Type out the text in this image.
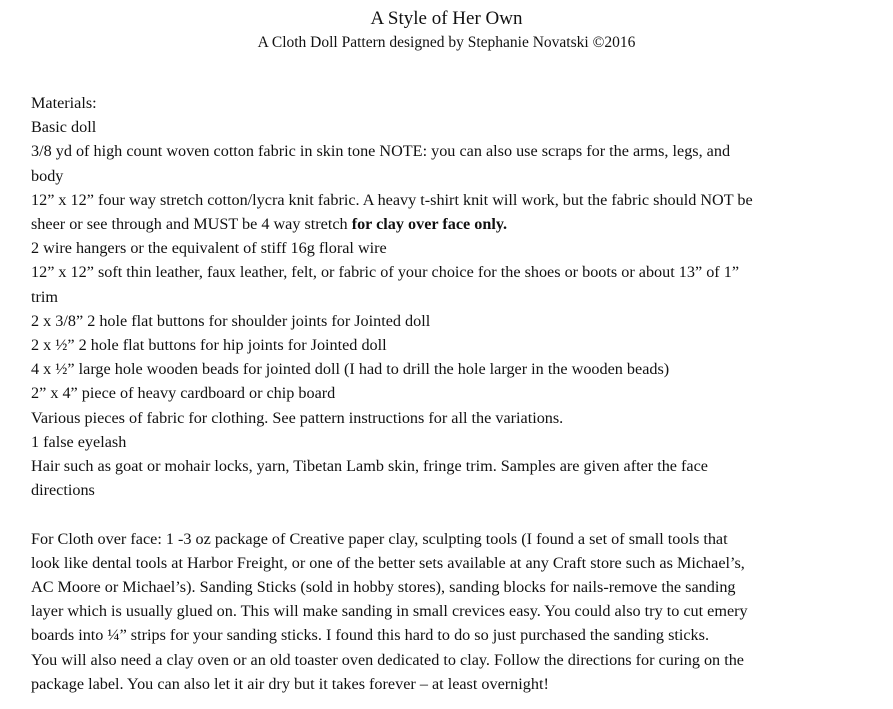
A Style of Her Own
A Cloth Doll Pattern designed by Stephanie Novatski ©2016
Materials:
Basic doll
3/8 yd of high count woven cotton fabric in skin tone NOTE: you can also use scraps for the arms, legs, and
body
12” x 12” four way stretch cotton/lycra knit fabric. A heavy t-shirt knit will work, but the fabric should NOT be
sheer or see through and MUST be 4 way stretch for clay over face only.
2 wire hangers or the equivalent of stiff 16g floral wire
12” x 12” soft thin leather, faux leather, felt, or fabric of your choice for the shoes or boots or about 13” of 1”
trim
2 x 3/8” 2 hole flat buttons for shoulder joints for Jointed doll
2 x ½” 2 hole flat buttons for hip joints for Jointed doll
4 x ½” large hole wooden beads for jointed doll (I had to drill the hole larger in the wooden beads)
2” x 4” piece of heavy cardboard or chip board
Various pieces of fabric for clothing. See pattern instructions for all the variations.
1 false eyelash
Hair such as goat or mohair locks, yarn, Tibetan Lamb skin, fringe trim. Samples are given after the face
directions
For Cloth over face: 1 -3 oz package of Creative paper clay, sculpting tools (I found a set of small tools that
look like dental tools at Harbor Freight, or one of the better sets available at any Craft store such as Michael’s,
AC Moore or Michael’s). Sanding Sticks (sold in hobby stores), sanding blocks for nails-remove the sanding
layer which is usually glued on. This will make sanding in small crevices easy. You could also try to cut emery
boards into ¼” strips for your sanding sticks. I found this hard to do so just purchased the sanding sticks.
You will also need a clay oven or an old toaster oven dedicated to clay. Follow the directions for curing on the
package label. You can also let it air dry but it takes forever – at least overnight!
